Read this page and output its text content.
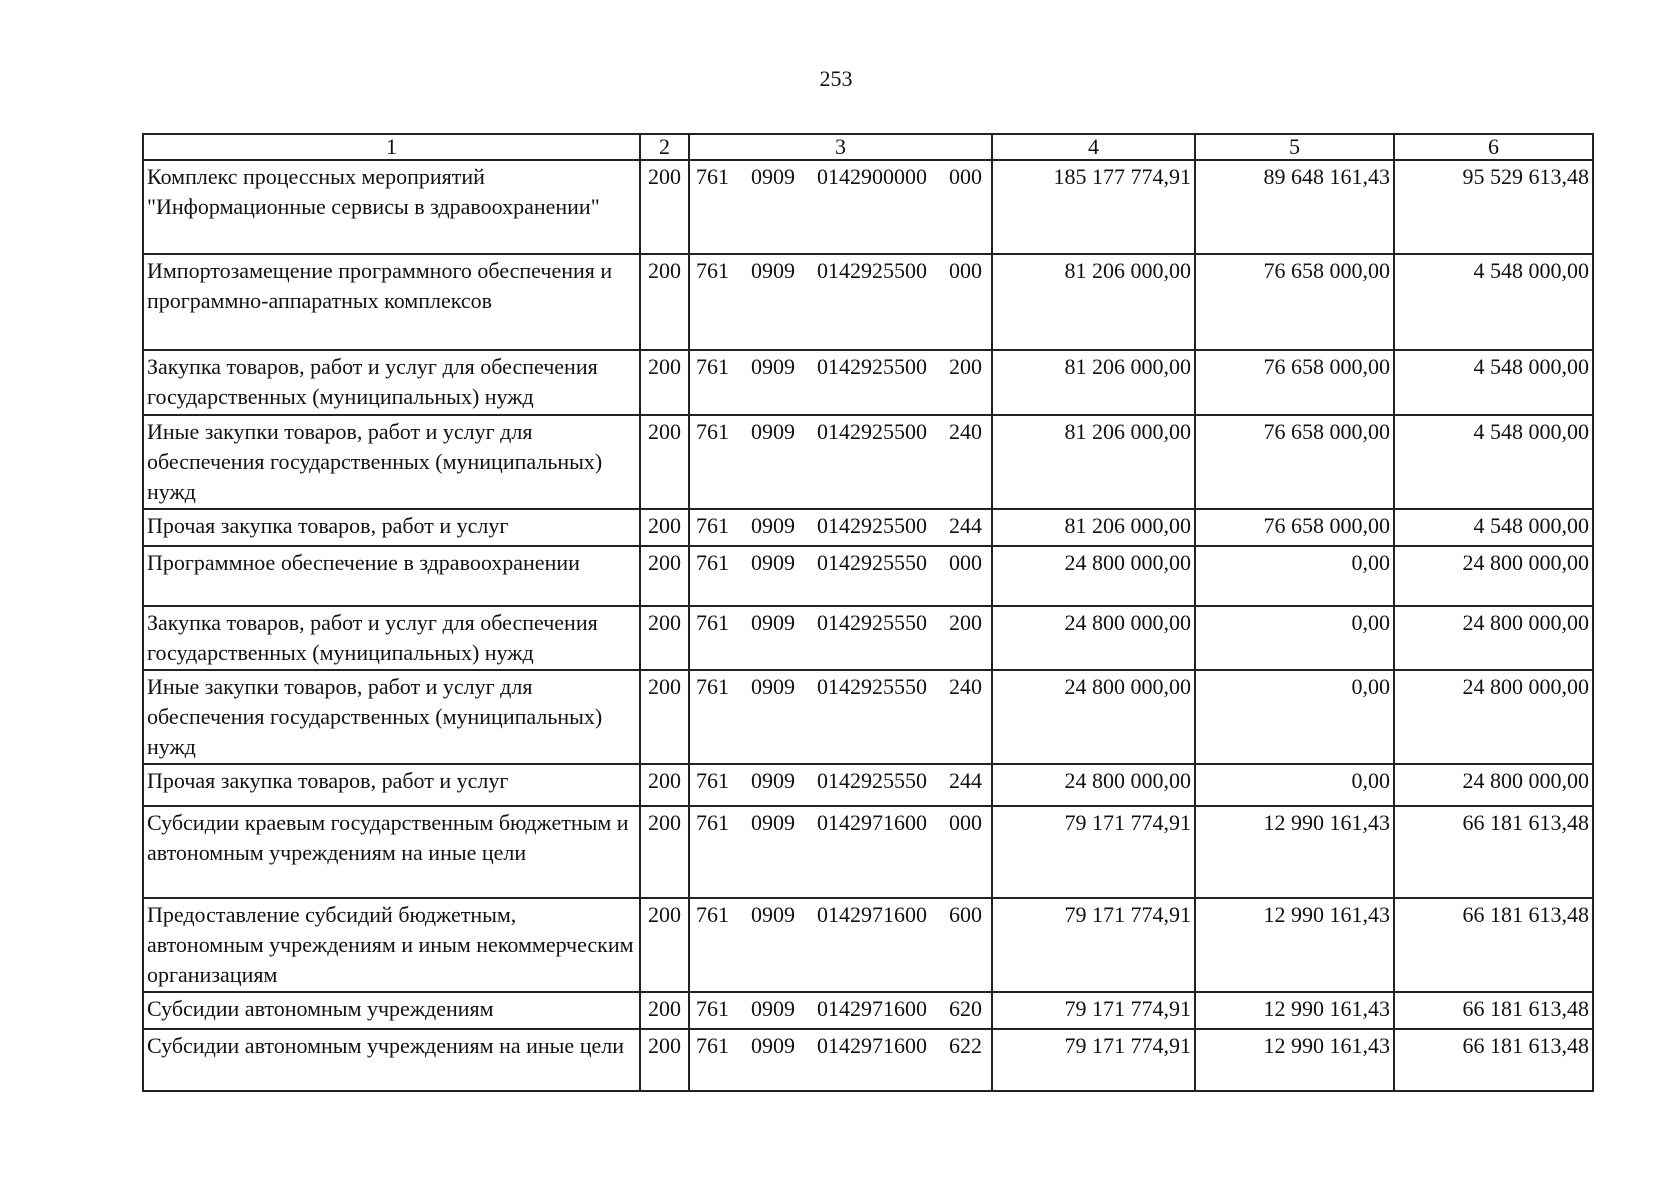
253
1	2	3	4	5	6
Комплекс процессных мероприятий "Информационные сервисы в здравоохранении"	200	761 0909 0142900000 000	185 177 774,91	89 648 161,43	95 529 613,48
Импортозамещение программного обеспечения и программно-аппаратных комплексов	200	761 0909 0142925500 000	81 206 000,00	76 658 000,00	4 548 000,00
Закупка товаров, работ и услуг для обеспечения государственных (муниципальных) нужд	200	761 0909 0142925500 200	81 206 000,00	76 658 000,00	4 548 000,00
Иные закупки товаров, работ и услуг для обеспечения государственных (муниципальных) нужд	200	761 0909 0142925500 240	81 206 000,00	76 658 000,00	4 548 000,00
Прочая закупка товаров, работ и услуг	200	761 0909 0142925500 244	81 206 000,00	76 658 000,00	4 548 000,00
Программное обеспечение в здравоохранении	200	761 0909 0142925550 000	24 800 000,00	0,00	24 800 000,00
Закупка товаров, работ и услуг для обеспечения государственных (муниципальных) нужд	200	761 0909 0142925550 200	24 800 000,00	0,00	24 800 000,00
Иные закупки товаров, работ и услуг для обеспечения государственных (муниципальных) нужд	200	761 0909 0142925550 240	24 800 000,00	0,00	24 800 000,00
Прочая закупка товаров, работ и услуг	200	761 0909 0142925550 244	24 800 000,00	0,00	24 800 000,00
Субсидии краевым государственным бюджетным и автономным учреждениям на иные цели	200	761 0909 0142971600 000	79 171 774,91	12 990 161,43	66 181 613,48
Предоставление субсидий бюджетным, автономным учреждениям и иным некоммерческим организациям	200	761 0909 0142971600 600	79 171 774,91	12 990 161,43	66 181 613,48
Субсидии автономным учреждениям	200	761 0909 0142971600 620	79 171 774,91	12 990 161,43	66 181 613,48
Субсидии автономным учреждениям на иные цели	200	761 0909 0142971600 622	79 171 774,91	12 990 161,43	66 181 613,48
